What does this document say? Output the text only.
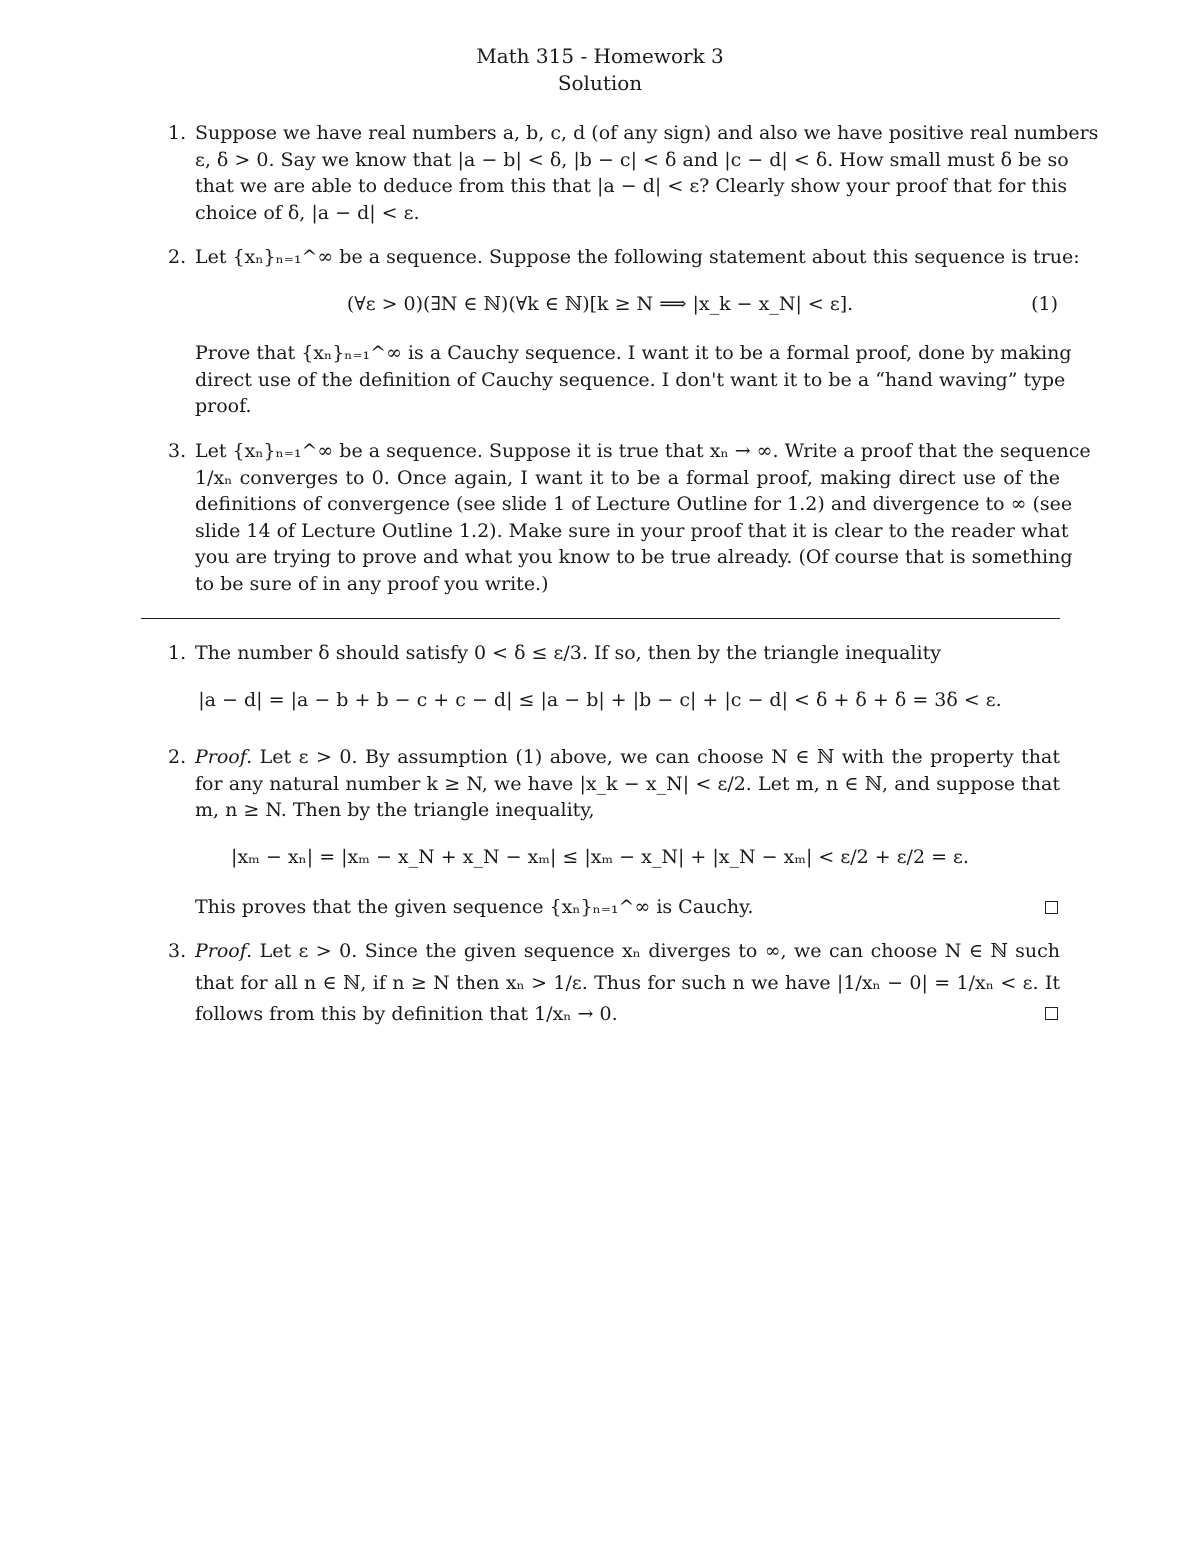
Math 315 - Homework 3
Solution
1. Suppose we have real numbers a, b, c, d (of any sign) and also we have positive real numbers
ε, δ > 0. Say we know that |a − b| < δ, |b − c| < δ and |c − d| < δ. How small must δ be so
that we are able to deduce from this that |a − d| < ε? Clearly show your proof that for this
choice of δ, |a − d| < ε.
2. Let {xₙ}ₙ₌₁^∞ be a sequence. Suppose the following statement about this sequence is true:
(∀ε > 0)(∃N ∈ ℕ)(∀k ∈ ℕ)[k ≥ N ⟹ |x_k − x_N| < ε].	(1)
Prove that {xₙ}ₙ₌₁^∞ is a Cauchy sequence. I want it to be a formal proof, done by making
direct use of the definition of Cauchy sequence. I don't want it to be a “hand waving” type
proof.
3. Let {xₙ}ₙ₌₁^∞ be a sequence. Suppose it is true that xₙ → ∞. Write a proof that the sequence
1/xₙ converges to 0. Once again, I want it to be a formal proof, making direct use of the
definitions of convergence (see slide 1 of Lecture Outline for 1.2) and divergence to ∞ (see
slide 14 of Lecture Outline 1.2). Make sure in your proof that it is clear to the reader what
you are trying to prove and what you know to be true already. (Of course that is something
to be sure of in any proof you write.)
1. The number δ should satisfy 0 < δ ≤ ε/3. If so, then by the triangle inequality
|a − d| = |a − b + b − c + c − d| ≤ |a − b| + |b − c| + |c − d| < δ + δ + δ = 3δ < ε.
2. Proof. Let ε > 0. By assumption (1) above, we can choose N ∈ ℕ with the property that
for any natural number k ≥ N, we have |x_k − x_N| < ε/2. Let m, n ∈ ℕ, and suppose that
m, n ≥ N. Then by the triangle inequality,
|xₘ − xₙ| = |xₘ − x_N + x_N − xₘ| ≤ |xₘ − x_N| + |x_N − xₘ| < ε/2 + ε/2 = ε.
This proves that the given sequence {xₙ}ₙ₌₁^∞ is Cauchy.
3. Proof. Let ε > 0. Since the given sequence xₙ diverges to ∞, we can choose N ∈ ℕ such
that for all n ∈ ℕ, if n ≥ N then xₙ > 1/ε. Thus for such n we have |1/xₙ − 0| = 1/xₙ < ε. It
follows from this by definition that 1/xₙ → 0.
